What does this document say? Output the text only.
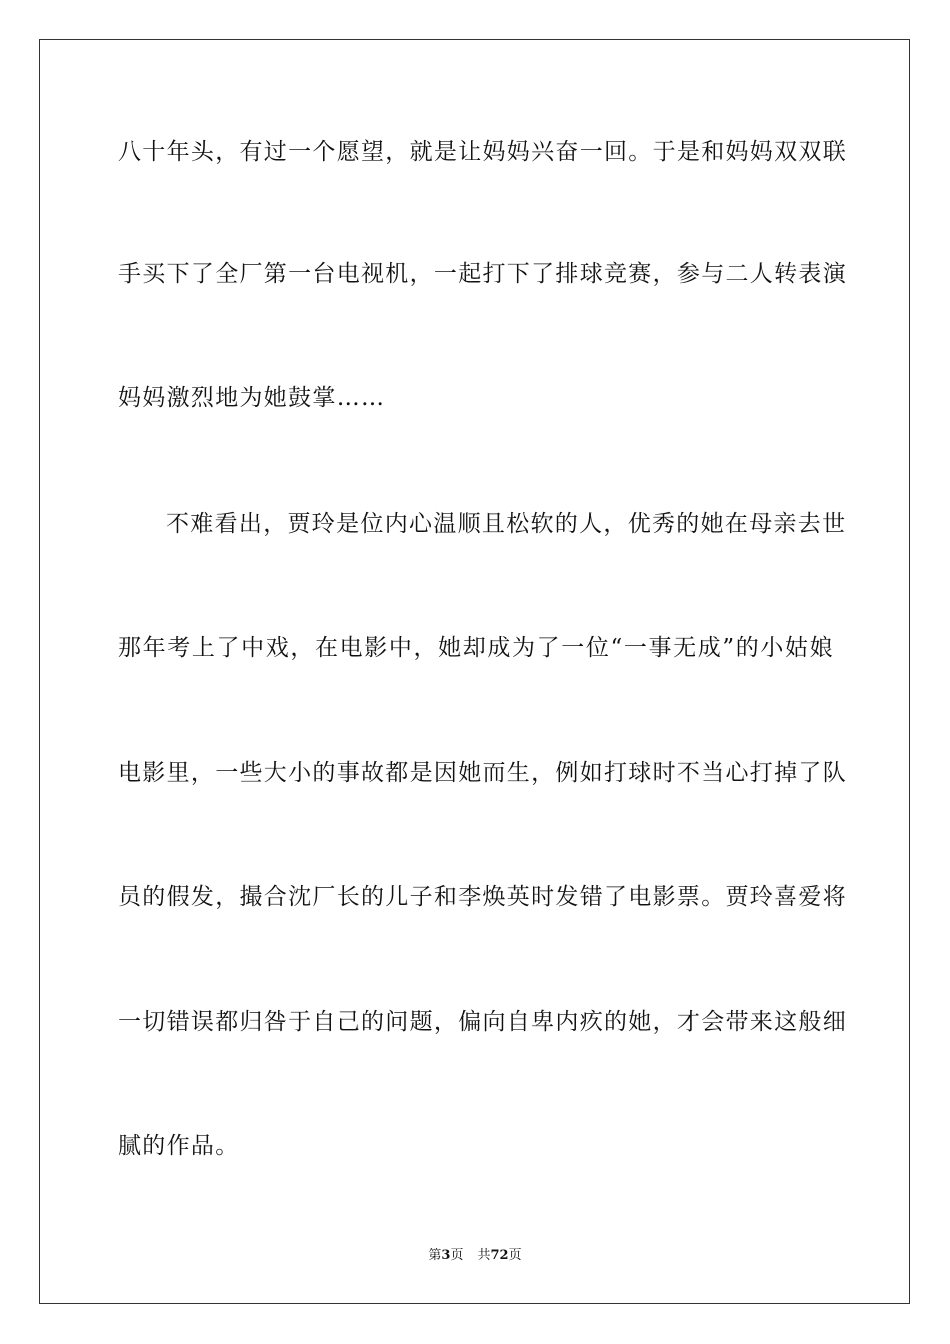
八十年头，有过一个愿望，就是让妈妈兴奋一回。于是和妈妈双双联
手买下了全厂第一台电视机，一起打下了排球竞赛，参与二人转表演
妈妈激烈地为她鼓掌……
不难看出，贾玲是位内心温顺且松软的人，优秀的她在母亲去世
那年考上了中戏，在电影中，她却成为了一位“一事无成”的小姑娘
电影里，一些大小的事故都是因她而生，例如打球时不当心打掉了队
员的假发，撮合沈厂长的儿子和李焕英时发错了电影票。贾玲喜爱将
一切错误都归咎于自己的问题，偏向自卑内疚的她，才会带来这般细
腻的作品。
第3页 共72页
